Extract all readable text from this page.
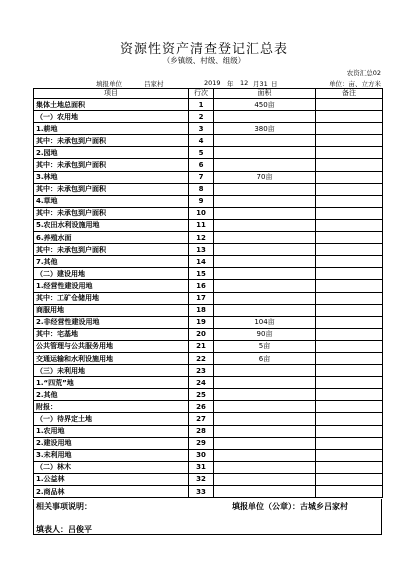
资源性资产清查登记汇总表
（乡镇级、村级、组级）
农资汇总02
填报单位	吕家村	2019 年 12 月31 日	单位：亩、立方米
项目	行次	面积	备注
集体土地总面积	1	450亩	
（一）农用地	2		
1.耕地	3	380亩	
其中：未承包到户面积	4		
2.园地	5		
其中：未承包到户面积	6		
3.林地	7	70亩	
其中：未承包到户面积	8		
4.草地	9		
其中：未承包到户面积	10		
5.农田水利设施用地	11		
6.养殖水面	12		
其中：未承包到户面积	13		
7.其他	14		
（二）建设用地	15		
1.经营性建设用地	16		
其中：工矿仓储用地	17		
商服用地	18		
2.非经营性建设用地	19	104亩	
其中：宅基地	20	90亩	
公共管理与公共服务用地	21	5亩	
交通运输和水利设施用地	22	6亩	
（三）未利用地	23		
1.“四荒”地	24		
2.其他	25		
附报：	26		
（一）待界定土地	27		
1.农用地	28		
2.建设用地	29		
3.未利用地	30		
（二）林木	31		
1.公益林	32		
2.商品林	33		
相关事项说明：	填报单位（公章）：古城乡吕家村
填表人：吕俊平
